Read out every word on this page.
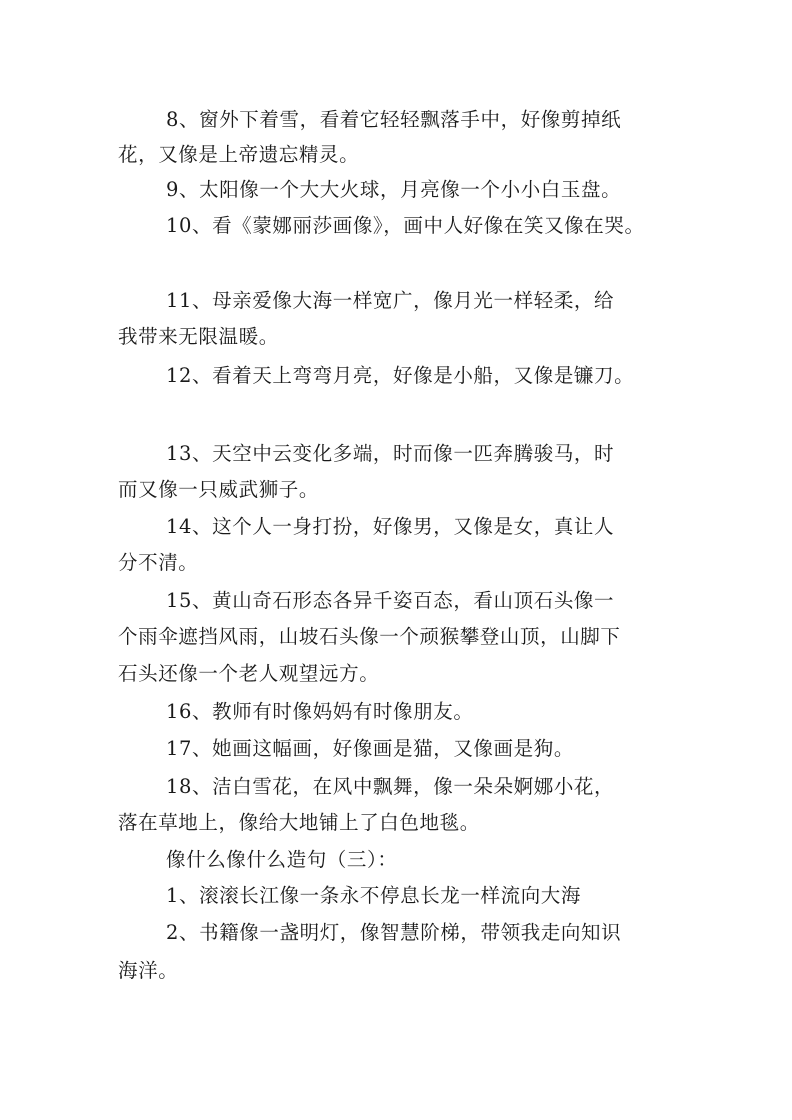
8、窗外下着雪，看着它轻轻飘落手中，好像剪掉纸
花，又像是上帝遗忘精灵。
9、太阳像一个大大火球，月亮像一个小小白玉盘。
10、看《蒙娜丽莎画像》，画中人好像在笑又像在哭。
11、母亲爱像大海一样宽广，像月光一样轻柔，给
我带来无限温暖。
12、看着天上弯弯月亮，好像是小船，又像是镰刀。
13、天空中云变化多端，时而像一匹奔腾骏马，时
而又像一只威武狮子。
14、这个人一身打扮，好像男，又像是女，真让人
分不清。
15、黄山奇石形态各异千姿百态，看山顶石头像一
个雨伞遮挡风雨，山坡石头像一个顽猴攀登山顶，山脚下
石头还像一个老人观望远方。
16、教师有时像妈妈有时像朋友。
17、她画这幅画，好像画是猫，又像画是狗。
18、洁白雪花，在风中飘舞，像一朵朵婀娜小花，
落在草地上，像给大地铺上了白色地毯。
像什么像什么造句（三）：
1、滚滚长江像一条永不停息长龙一样流向大海
2、书籍像一盏明灯，像智慧阶梯，带领我走向知识
海洋。
